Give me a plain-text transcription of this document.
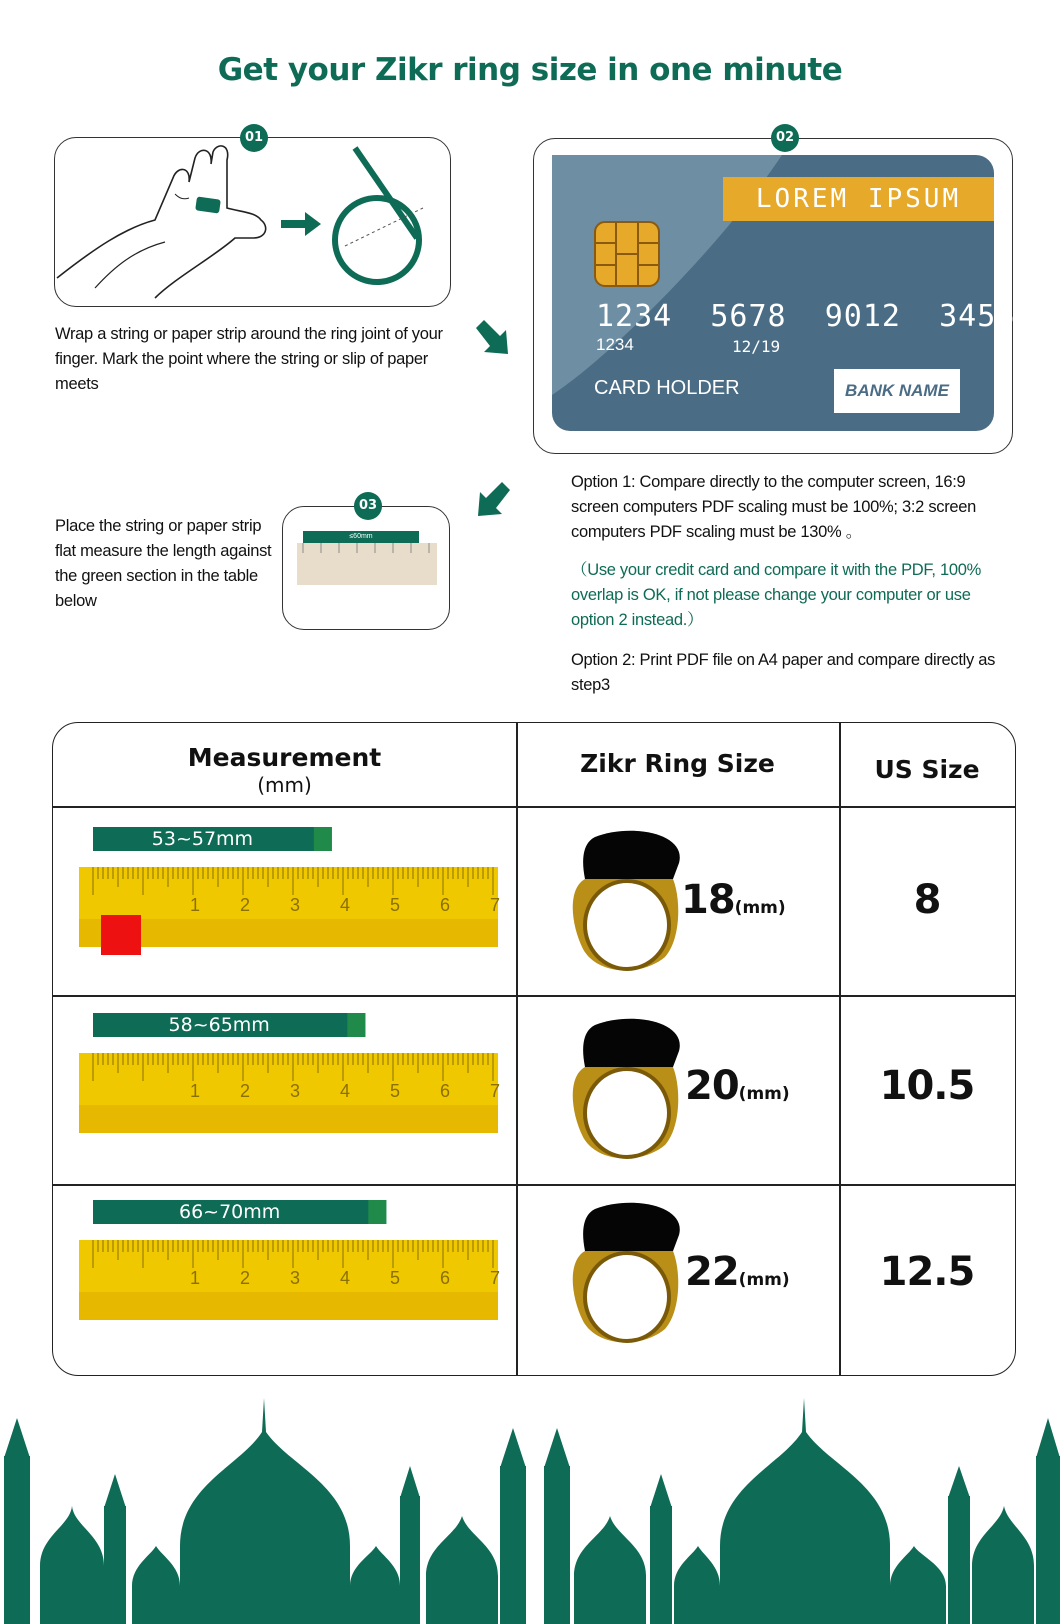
Get your Zikr ring size in one minute
01
Wrap a string or paper strip around the ring joint of your finger. Mark the point where the string or slip of paper meets
LOREM IPSUM
1234  5678  9012  3456
1234	12/19
CARD HOLDER	BANK NAME
02
Place the string or paper strip flat measure the length against the green section in the table below
≤60mm
03
Option 1: Compare directly to the computer screen, 16:9 screen computers PDF scaling must be 100%; 3:2 screen computers PDF scaling must be 130% 。
（Use your credit card and compare it with the PDF, 100% overlap is OK, if not please change your computer or use option 2 instead.）
Option 2: Print PDF file on A4 paper and compare directly as step3
Measurement
(mm)
Zikr Ring Size	US Size
1 2 3 4 5 6 7
53~57mm
18(mm)	8
1 2 3 4 5 6 7
58~65mm
20(mm)	10.5
1 2 3 4 5 6 7
66~70mm
22(mm)	12.5
